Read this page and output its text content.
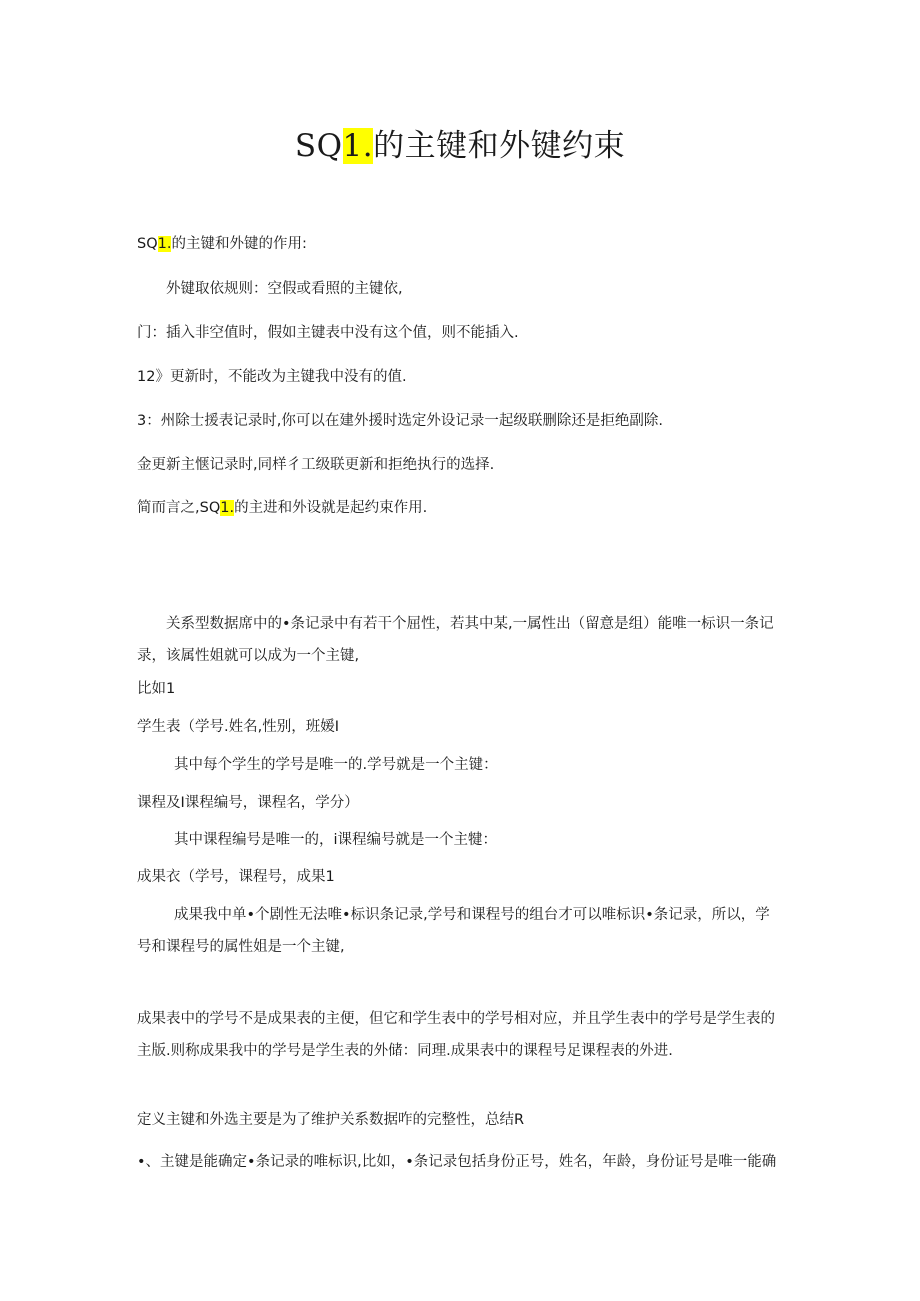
SQ1.的主键和外键约束
SQ1.的主键和外键的作用:
外键取依规则：空假或看照的主键依,
门：插入非空值时，假如主键表中没有这个值，则不能插入.
12》更新时，不能改为主键我中没有的值.
3：州除士援表记录时,你可以在建外援时选定外设记录一起级联删除还是拒绝副除.
金更新主惬记录时,同样彳工级联更新和拒绝执行的选择.
简而言之,SQ1.的主进和外设就是起约束作用.
关系型数据席中的•条记录中有若干个屈性，若其中某,一属性出（留意是组）能唯一标识一条记录，该属性姐就可以成为一个主键,
比如1
学生表（学号.姓名,性别，班媛I
其中每个学生的学号是唯一的.学号就是一个主键：
课程及I课程编号，课程名，学分）
其中课程编号是唯一的，i课程编号就是一个主犍：
成果衣（学号，课程号，成果1
成果我中单•个剧性无法唯•标识条记录,学号和课程号的组台才可以唯标识•条记录，所以，学号和课程号的属性姐是一个主键,
成果表中的学号不是成果表的主便，但它和学生表中的学号相对应，并且学生表中的学号是学生表的主版.则称成果我中的学号是学生表的外储：同理.成果表中的课程号足课程表的外进.
定义主键和外选主要是为了维护关系数据咋的完整性，总结R
•、主键是能确定•条记录的唯标识,比如，•条记录包括身份正号，姓名，年龄，身份证号是唯一能确
